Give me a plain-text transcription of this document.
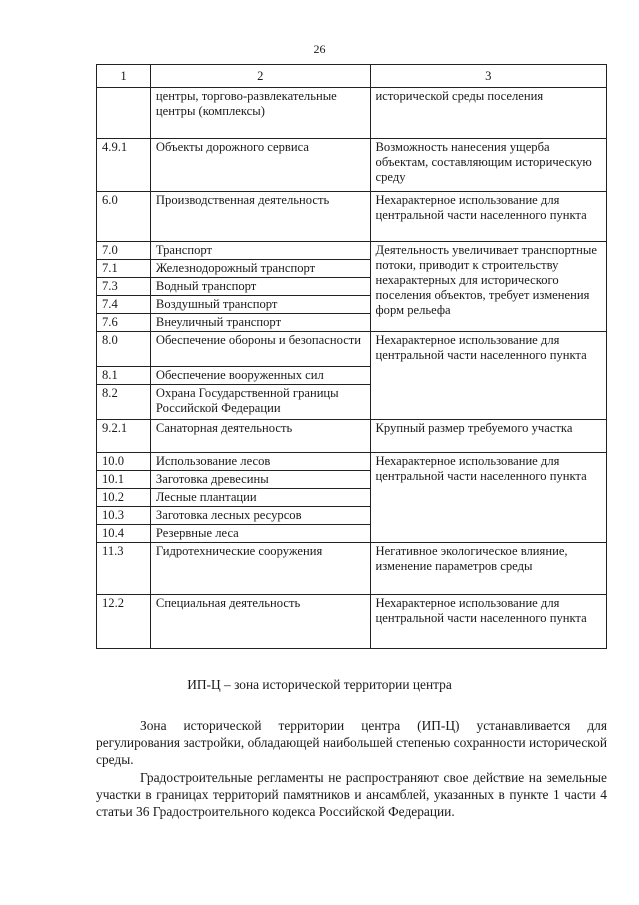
26
1	2	3
	центры, торгово-развлекательные центры (комплексы)	исторической среды поселения
4.9.1	Объекты дорожного сервиса	Возможность нанесения ущерба объектам, составляющим историческую среду
6.0	Производственная деятельность	Нехарактерное использование для центральной части населенного пункта
7.0	Транспорт	Деятельность увеличивает транспортные потоки, приводит к строительству нехарактерных для исторического поселения объектов, требует изменения форм рельефа
7.1	Железнодорожный транспорт	
7.3	Водный транспорт	
7.4	Воздушный транспорт	
7.6	Внеуличный транспорт	
8.0	Обеспечение обороны и безопасности	Нехарактерное использование для центральной части населенного пункта
8.1	Обеспечение вооруженных сил	
8.2	Охрана Государственной границы Российской Федерации	
9.2.1	Санаторная деятельность	Крупный размер требуемого участка
10.0	Использование лесов	Нехарактерное использование для центральной части населенного пункта
10.1	Заготовка древесины	
10.2	Лесные плантации	
10.3	Заготовка лесных ресурсов	
10.4	Резервные леса	
11.3	Гидротехнические сооружения	Негативное экологическое влияние, изменение параметров среды
12.2	Специальная деятельность	Нехарактерное использование для центральной части населенного пункта
ИП-Ц – зона исторической территории центра

Зона исторической территории центра (ИП-Ц) устанавливается для регулирования застройки, обладающей наибольшей степенью сохранности исторической среды.

Градостроительные регламенты не распространяют свое действие на земельные участки в границах территорий памятников и ансамблей, указанных в пункте 1 части 4 статьи 36 Градостроительного кодекса Российской Федерации.
